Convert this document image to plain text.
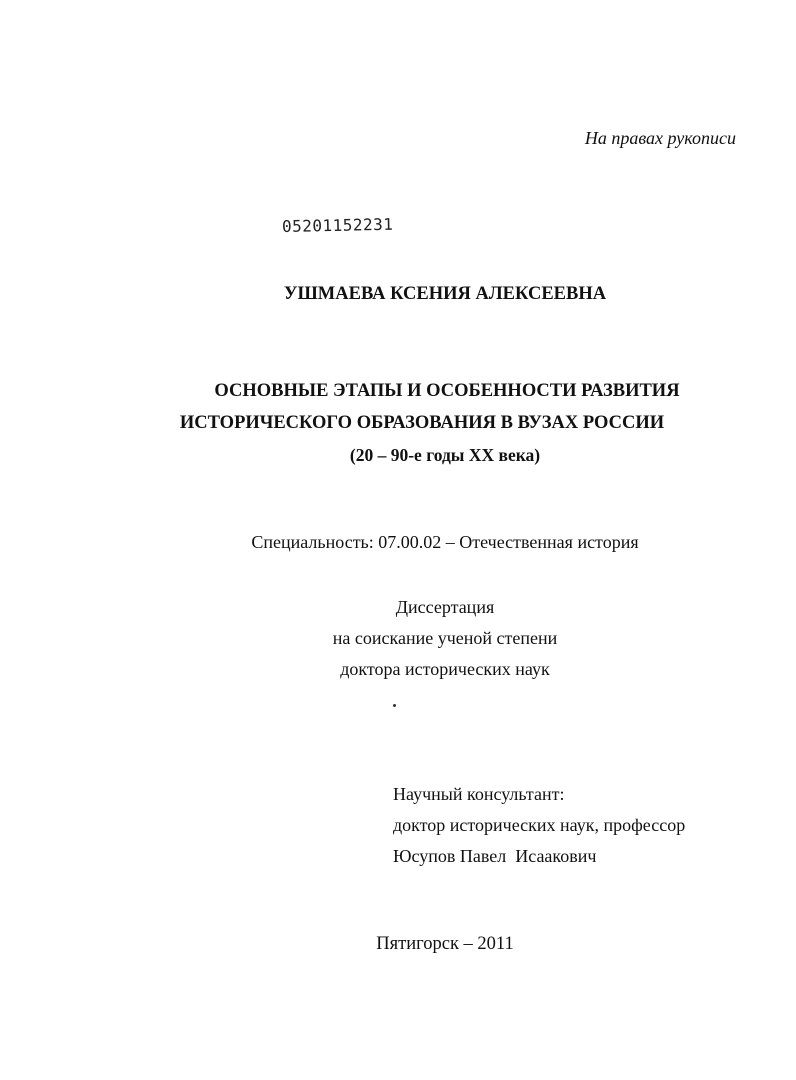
На правах рукописи
05201152231
УШМАЕВА КСЕНИЯ АЛЕКСЕЕВНА
ОСНОВНЫЕ ЭТАПЫ И ОСОБЕННОСТИ РАЗВИТИЯ
ИСТОРИЧЕСКОГО ОБРАЗОВАНИЯ В ВУЗАХ РОССИИ
(20 – 90-е годы XX века)
Специальность: 07.00.02 – Отечественная история
Диссертация
на соискание ученой степени
доктора исторических наук
Научный консультант:
доктор исторических наук, профессор
Юсупов Павел  Исаакович
Пятигорск – 2011
